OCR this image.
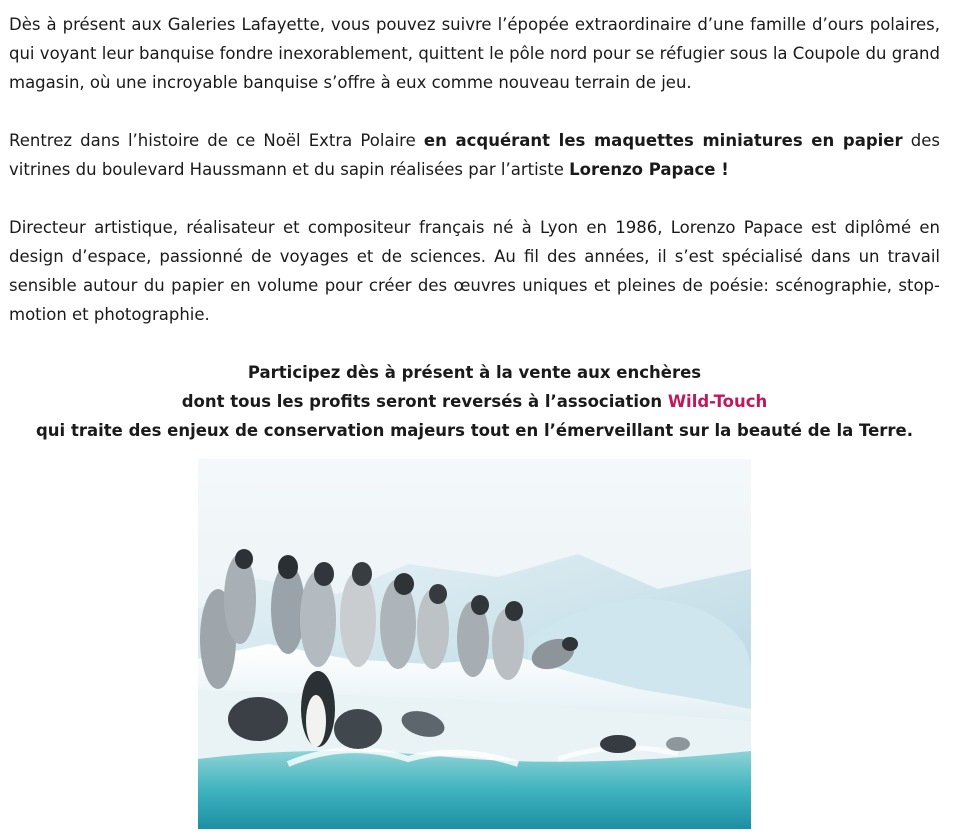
Dès à présent aux Galeries Lafayette, vous pouvez suivre l’épopée extraordinaire d’une famille d’ours polaires, qui voyant leur banquise fondre inexorablement, quittent le pôle nord pour se réfugier sous la Coupole du grand magasin, où une incroyable banquise s’offre à eux comme nouveau terrain de jeu.

Rentrez dans l’histoire de ce Noël Extra Polaire en acquérant les maquettes miniatures en papier des vitrines du boulevard Haussmann et du sapin réalisées par l’artiste Lorenzo Papace !

Directeur artistique, réalisateur et compositeur français né à Lyon en 1986, Lorenzo Papace est diplômé en design d’espace, passionné de voyages et de sciences. Au fil des années, il s’est spécialisé dans un travail sensible autour du papier en volume pour créer des œuvres uniques et pleines de poésie: scénographie, stop-motion et photographie.

Participez dès à présent à la vente aux enchères
dont tous les profits seront reversés à l’association Wild-Touch
qui traite des enjeux de conservation majeurs tout en l’émerveillant sur la beauté de la Terre.
